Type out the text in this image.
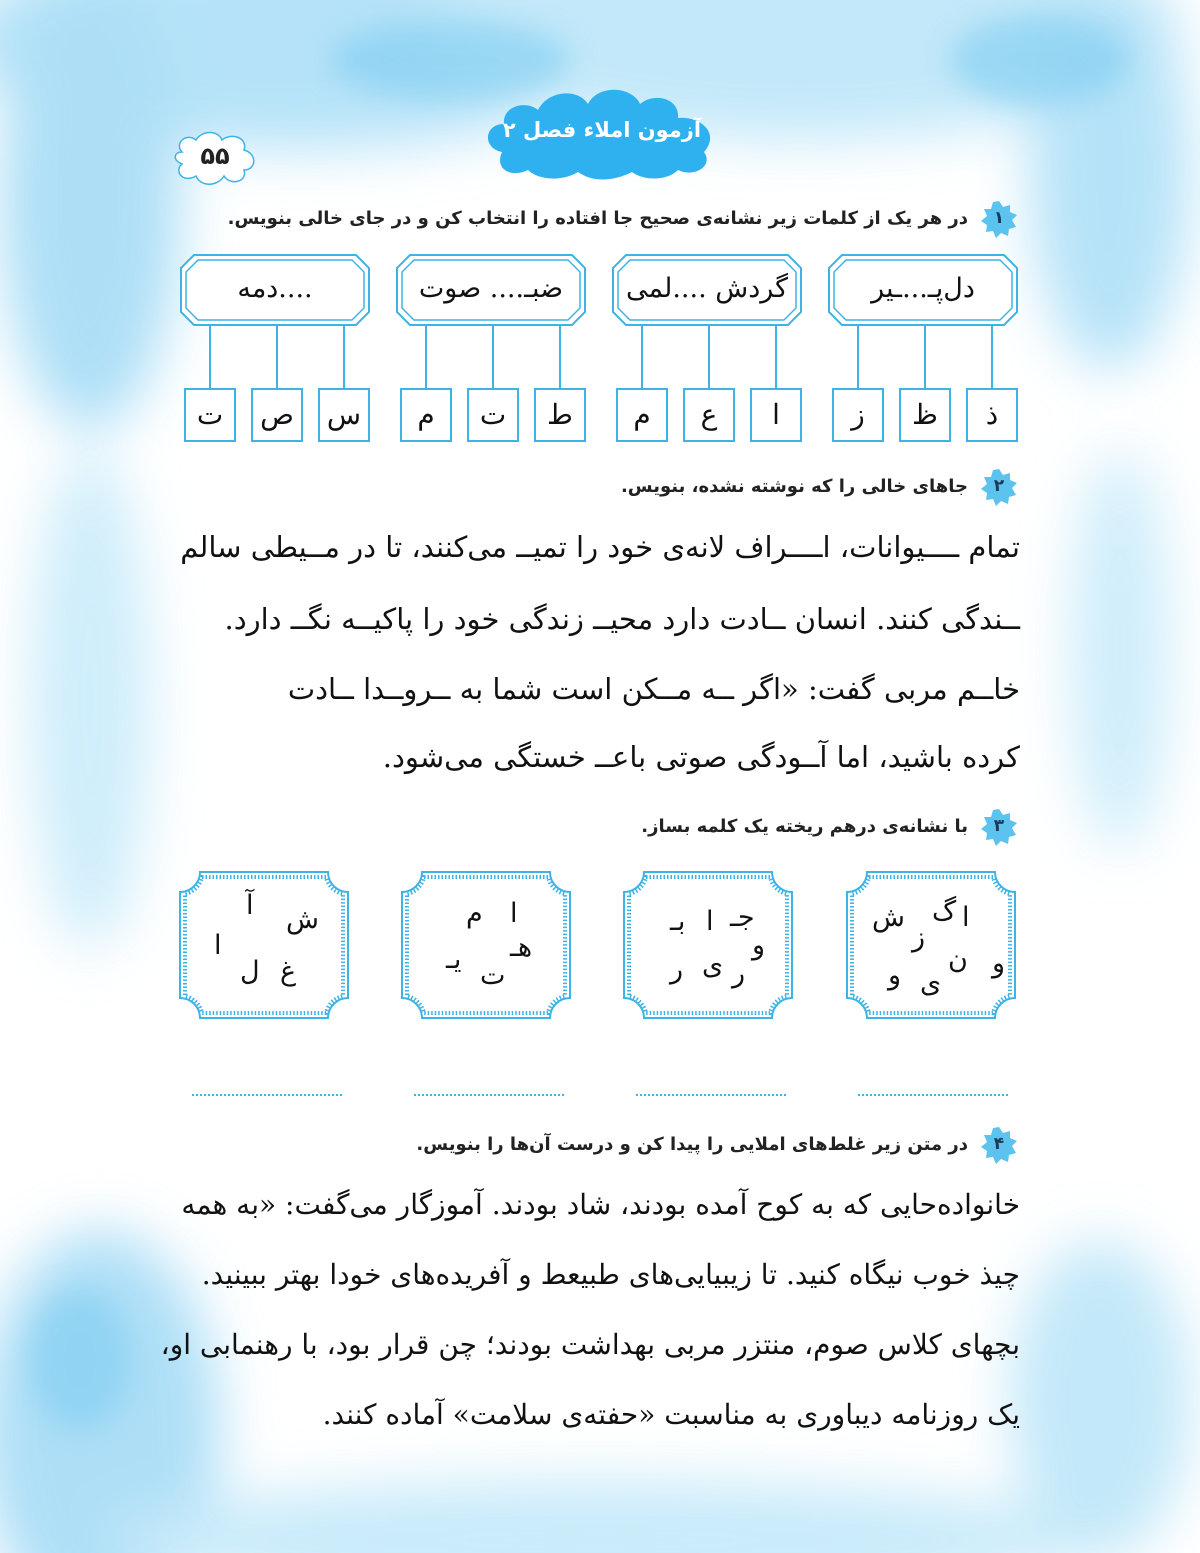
۵۵
آزمون املاء فصل ۲
۱
در هر یک از کلمات زیر نشانه‌ی صحیح جا افتاده را انتخاب کن و در جای خالی بنویس.
دل‌پـ...ـیر
گردش ....لمی
ضبـ.... صوت
....دمه
ذ
ظ
ز
ا
ع
م
ط
ت
م
س
ص
ت
۲
جاهای خالی را که نوشته نشده، بنویس.
تمام ــــیوانات، اــــراف لانه‌ی خود را تمیــ می‌کنند، تا در مــیطی سالم
ــندگی کنند. انسان ــادت دارد محیــ زندگی خود را پاکیــه نگــ دارد.
خاــم مربی گفت: «اگر ــه مــکن است شما به ــروــدا ــادت
کرده باشید، اما آــودگی صوتی باعــ خستگی می‌شود.
۳
با نشانه‌ی درهم ریخته یک کلمه بساز.
ا
گ
ش
ز
ن و
ی
و
جـ
ا
بـ
و
ر
ی
ر
ا
م
هـ
یـ
ت
ش
آ
ا
غ
ل
۴
در متن زیر غلط‌های املایی را پیدا کن و درست آن‌ها را بنویس.
خانواده‌حایی که به کوح آمده بودند، شاد بودند. آموزگار می‌گفت: «به همه
چیذ خوب نیگاه کنید. تا زیبیایی‌های طبیعط و آفریده‌های خودا بهتر ببینید.
بچهای کلاس صوم، منتزر مربی بهداشت بودند؛ چن قرار بود، با رهنمابی او،
یک روزنامه دیباوری به مناسبت «حفته‌ی سلامت» آماده کنند.
